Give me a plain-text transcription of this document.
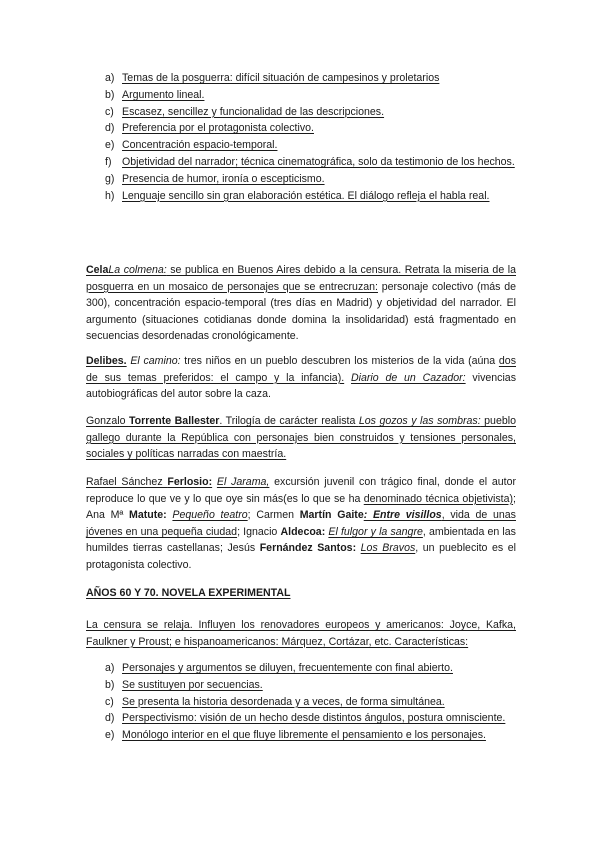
a) Temas de la posguerra: difícil situación de campesinos y proletarios
b) Argumento lineal.
c) Escasez, sencillez y funcionalidad de las descripciones.
d) Preferencia por el protagonista colectivo.
e) Concentración espacio-temporal.
f) Objetividad del narrador; técnica cinematográfica, solo da testimonio de los hechos.
g) Presencia de humor, ironía o escepticismo.
h) Lenguaje sencillo sin gran elaboración estética. El diálogo refleja el habla real.

CelaLa colmena: se publica en Buenos Aires debido a la censura. Retrata la miseria de la posguerra en un mosaico de personajes que se entrecruzan: personaje colectivo (más de 300), concentración espacio-temporal (tres días en Madrid) y objetividad del narrador. El argumento (situaciones cotidianas donde domina la insolidaridad) está fragmentado en secuencias desordenadas cronológicamente.

Delibes. El camino: tres niños en un pueblo descubren los misterios de la vida (aúna dos de sus temas preferidos: el campo y la infancia). Diario de un Cazador: vivencias autobiográficas del autor sobre la caza.

Gonzalo Torrente Ballester. Trilogía de carácter realista Los gozos y las sombras: pueblo gallego durante la República con personajes bien construidos y tensiones personales, sociales y políticas narradas con maestría.

Rafael Sánchez Ferlosio: El Jarama, excursión juvenil con trágico final, donde el autor reproduce lo que ve y lo que oye sin más(es lo que se ha denominado técnica objetivista); Ana Mª Matute: Pequeño teatro; Carmen Martín Gaite: Entre visillos, vida de unas jóvenes en una pequeña ciudad; Ignacio Aldecoa: El fulgor y la sangre, ambientada en las humildes tierras castellanas; Jesús Fernández Santos: Los Bravos, un pueblecito es el protagonista colectivo.

AÑOS 60 Y 70. NOVELA EXPERIMENTAL

La censura se relaja. Influyen los renovadores europeos y americanos: Joyce, Kafka, Faulkner y Proust; e hispanoamericanos: Márquez, Cortázar, etc. Características:

a) Personajes y argumentos se diluyen, frecuentemente con final abierto.
b) Se sustituyen por secuencias.
c) Se presenta la historia desordenada y a veces, de forma simultánea.
d) Perspectivismo: visión de un hecho desde distintos ángulos, postura omnisciente.
e) Monólogo interior en el que fluye libremente el pensamiento e los personajes.
